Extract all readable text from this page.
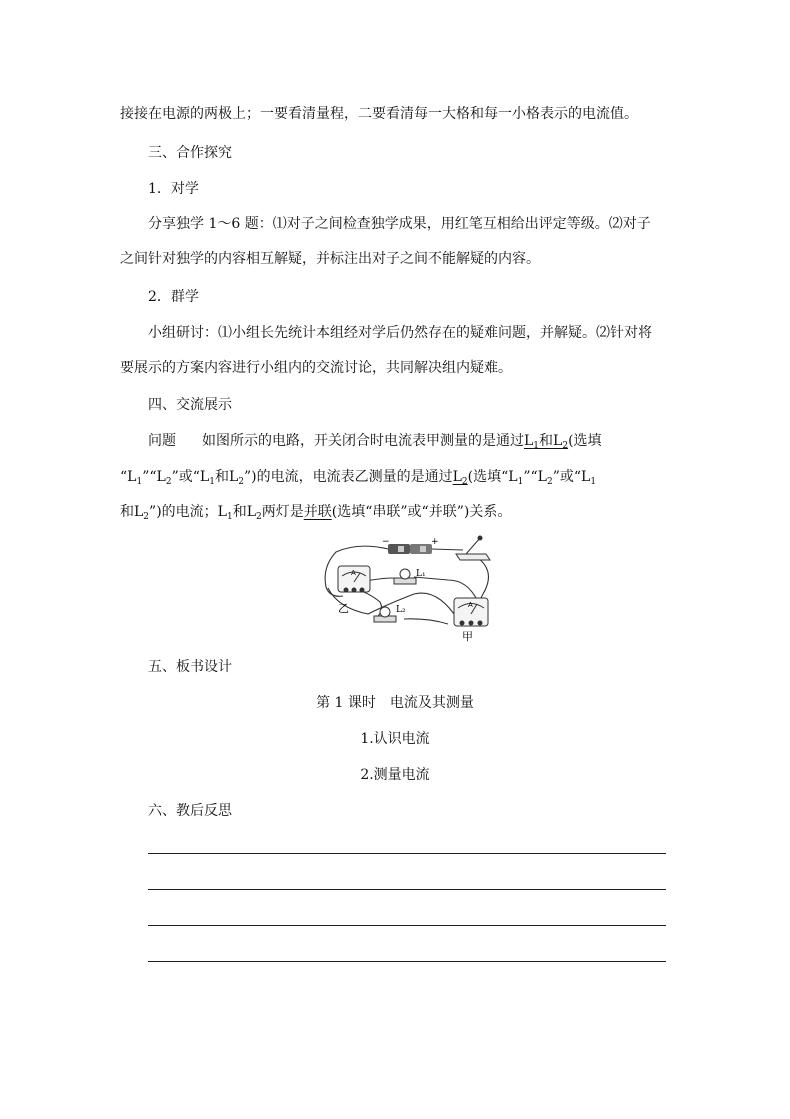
接接在电源的两极上；一要看清量程，二要看清每一大格和每一小格表示的电流值。

三、合作探究

1．对学

分享独学 1～6 题：⑴对子之间检查独学成果，用红笔互相给出评定等级。⑵对子

之间针对独学的内容相互解疑，并标注出对子之间不能解疑的内容。

2．群学

小组研讨：⑴小组长先统计本组经对学后仍然存在的疑难问题，并解疑。⑵针对将

要展示的方案内容进行小组内的交流讨论，共同解决组内疑难。

四、交流展示

问题 如图所示的电路，开关闭合时电流表甲测量的是通过$L_1$和$L_2$(选填

“$L_1”“L_2$”或“$L_1$和$L_2$”)的电流，电流表乙测量的是通过$L_2$(选填“$L_1”“L_2$”或“$L_1$

和$L_2$”)的电流；$L_1$和$L_2$两灯是并联(选填“串联”或“并联”)关系。

−	+
A
A
L₁
L₂
乙
甲

五、板书设计

第 1 课时　电流及其测量

1.认识电流

2.测量电流

六、教后反思
